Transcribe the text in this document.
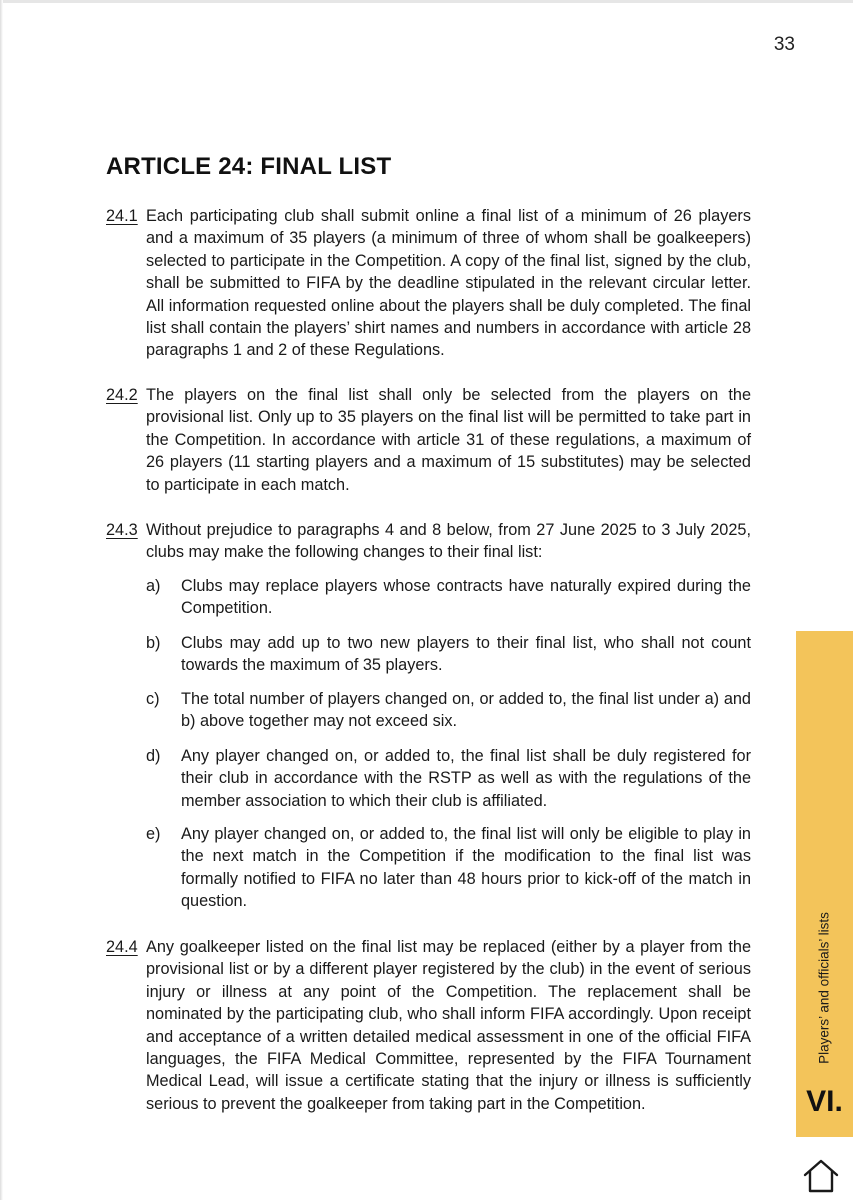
33
ARTICLE 24: FINAL LIST
24.1 Each participating club shall submit online a final list of a minimum of 26 players and a maximum of 35 players (a minimum of three of whom shall be goalkeepers) selected to participate in the Competition. A copy of the final list, signed by the club, shall be submitted to FIFA by the deadline stipulated in the relevant circular letter. All information requested online about the players shall be duly completed. The final list shall contain the players’ shirt names and numbers in accordance with article 28 paragraphs 1 and 2 of these Regulations.
24.2 The players on the final list shall only be selected from the players on the provisional list. Only up to 35 players on the final list will be permitted to take part in the Competition. In accordance with article 31 of these regulations, a maximum of 26 players (11 starting players and a maximum of 15 substitutes) may be selected to participate in each match.
24.3 Without prejudice to paragraphs 4 and 8 below, from 27 June 2025 to 3 July 2025, clubs may make the following changes to their final list:
a) Clubs may replace players whose contracts have naturally expired during the Competition.
b) Clubs may add up to two new players to their final list, who shall not count towards the maximum of 35 players.
c) The total number of players changed on, or added to, the final list under a) and b) above together may not exceed six.
d) Any player changed on, or added to, the final list shall be duly registered for their club in accordance with the RSTP as well as with the regulations of the member association to which their club is affiliated.
e) Any player changed on, or added to, the final list will only be eligible to play in the next match in the Competition if the modification to the final list was formally notified to FIFA no later than 48 hours prior to kick-off of the match in question.
24.4 Any goalkeeper listed on the final list may be replaced (either by a player from the provisional list or by a different player registered by the club) in the event of serious injury or illness at any point of the Competition. The replacement shall be nominated by the participating club, who shall inform FIFA accordingly. Upon receipt and acceptance of a written detailed medical assessment in one of the official FIFA languages, the FIFA Medical Committee, represented by the FIFA Tournament Medical Lead, will issue a certificate stating that the injury or illness is sufficiently serious to prevent the goalkeeper from taking part in the Competition.
Players’ and officials’ lists
VI.
